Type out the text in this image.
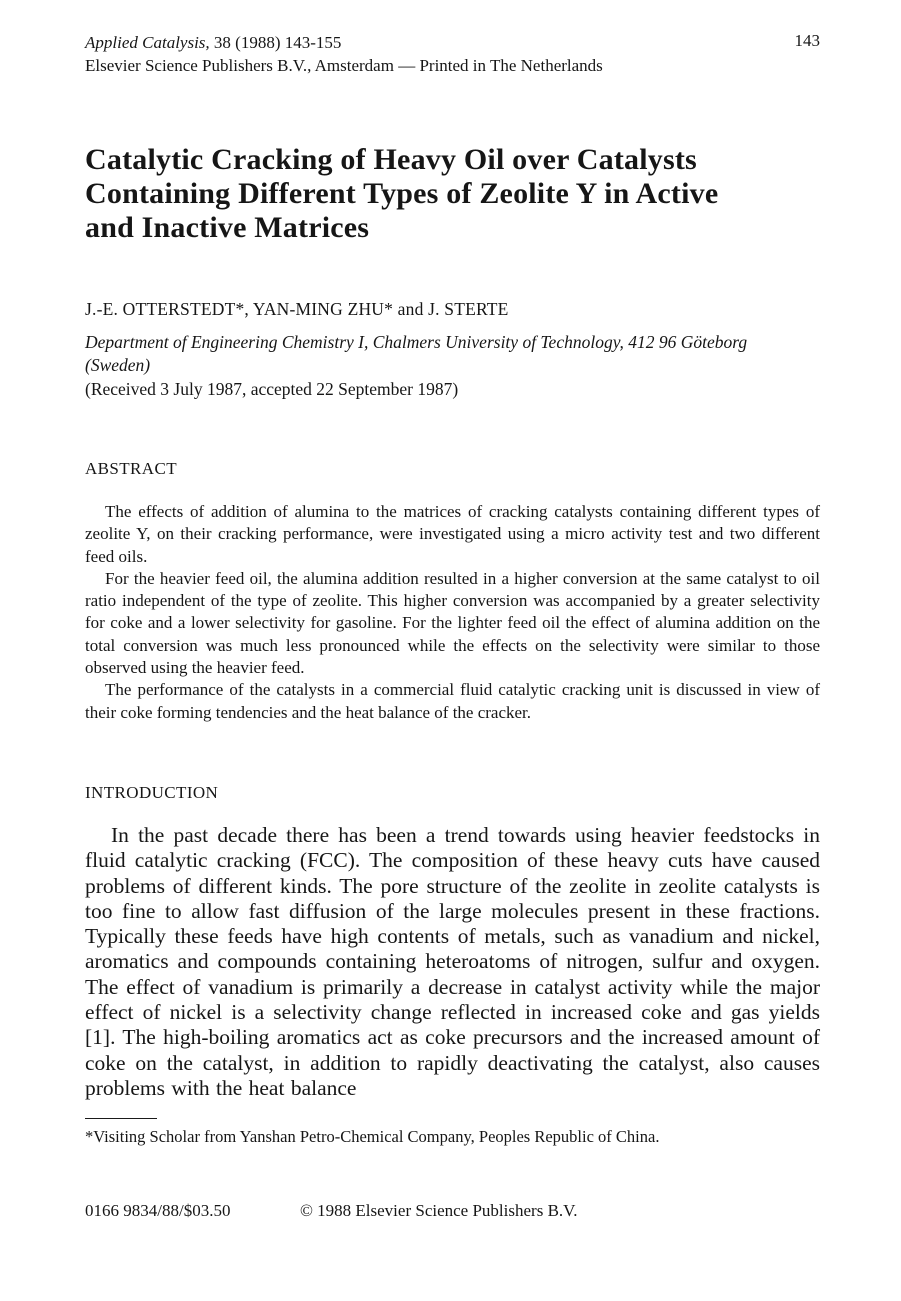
Applied Catalysis, 38 (1988) 143-155
Elsevier Science Publishers B.V., Amsterdam — Printed in The Netherlands
143
Catalytic Cracking of Heavy Oil over Catalysts
Containing Different Types of Zeolite Y in Active
and Inactive Matrices
J.-E. OTTERSTEDT*, YAN-MING ZHU* and J. STERTE
Department of Engineering Chemistry I, Chalmers University of Technology, 412 96 Göteborg
(Sweden)
(Received 3 July 1987, accepted 22 September 1987)
ABSTRACT

The effects of addition of alumina to the matrices of cracking catalysts containing different types of zeolite Y, on their cracking performance, were investigated using a micro activity test and two different feed oils.

For the heavier feed oil, the alumina addition resulted in a higher conversion at the same catalyst to oil ratio independent of the type of zeolite. This higher conversion was accompanied by a greater selectivity for coke and a lower selectivity for gasoline. For the lighter feed oil the effect of alumina addition on the total conversion was much less pronounced while the effects on the selectivity were similar to those observed using the heavier feed.

The performance of the catalysts in a commercial fluid catalytic cracking unit is discussed in view of their coke forming tendencies and the heat balance of the cracker.

INTRODUCTION

In the past decade there has been a trend towards using heavier feedstocks in fluid catalytic cracking (FCC). The composition of these heavy cuts have caused problems of different kinds. The pore structure of the zeolite in zeolite catalysts is too fine to allow fast diffusion of the large molecules present in these fractions. Typically these feeds have high contents of metals, such as vanadium and nickel, aromatics and compounds containing heteroatoms of nitrogen, sulfur and oxygen. The effect of vanadium is primarily a decrease in catalyst activity while the major effect of nickel is a selectivity change reflected in increased coke and gas yields [1]. The high-boiling aromatics act as coke precursors and the increased amount of coke on the catalyst, in addition to rapidly deactivating the catalyst, also causes problems with the heat balance

*Visiting Scholar from Yanshan Petro-Chemical Company, Peoples Republic of China.
0166 9834/88/$03.50	© 1988 Elsevier Science Publishers B.V.
